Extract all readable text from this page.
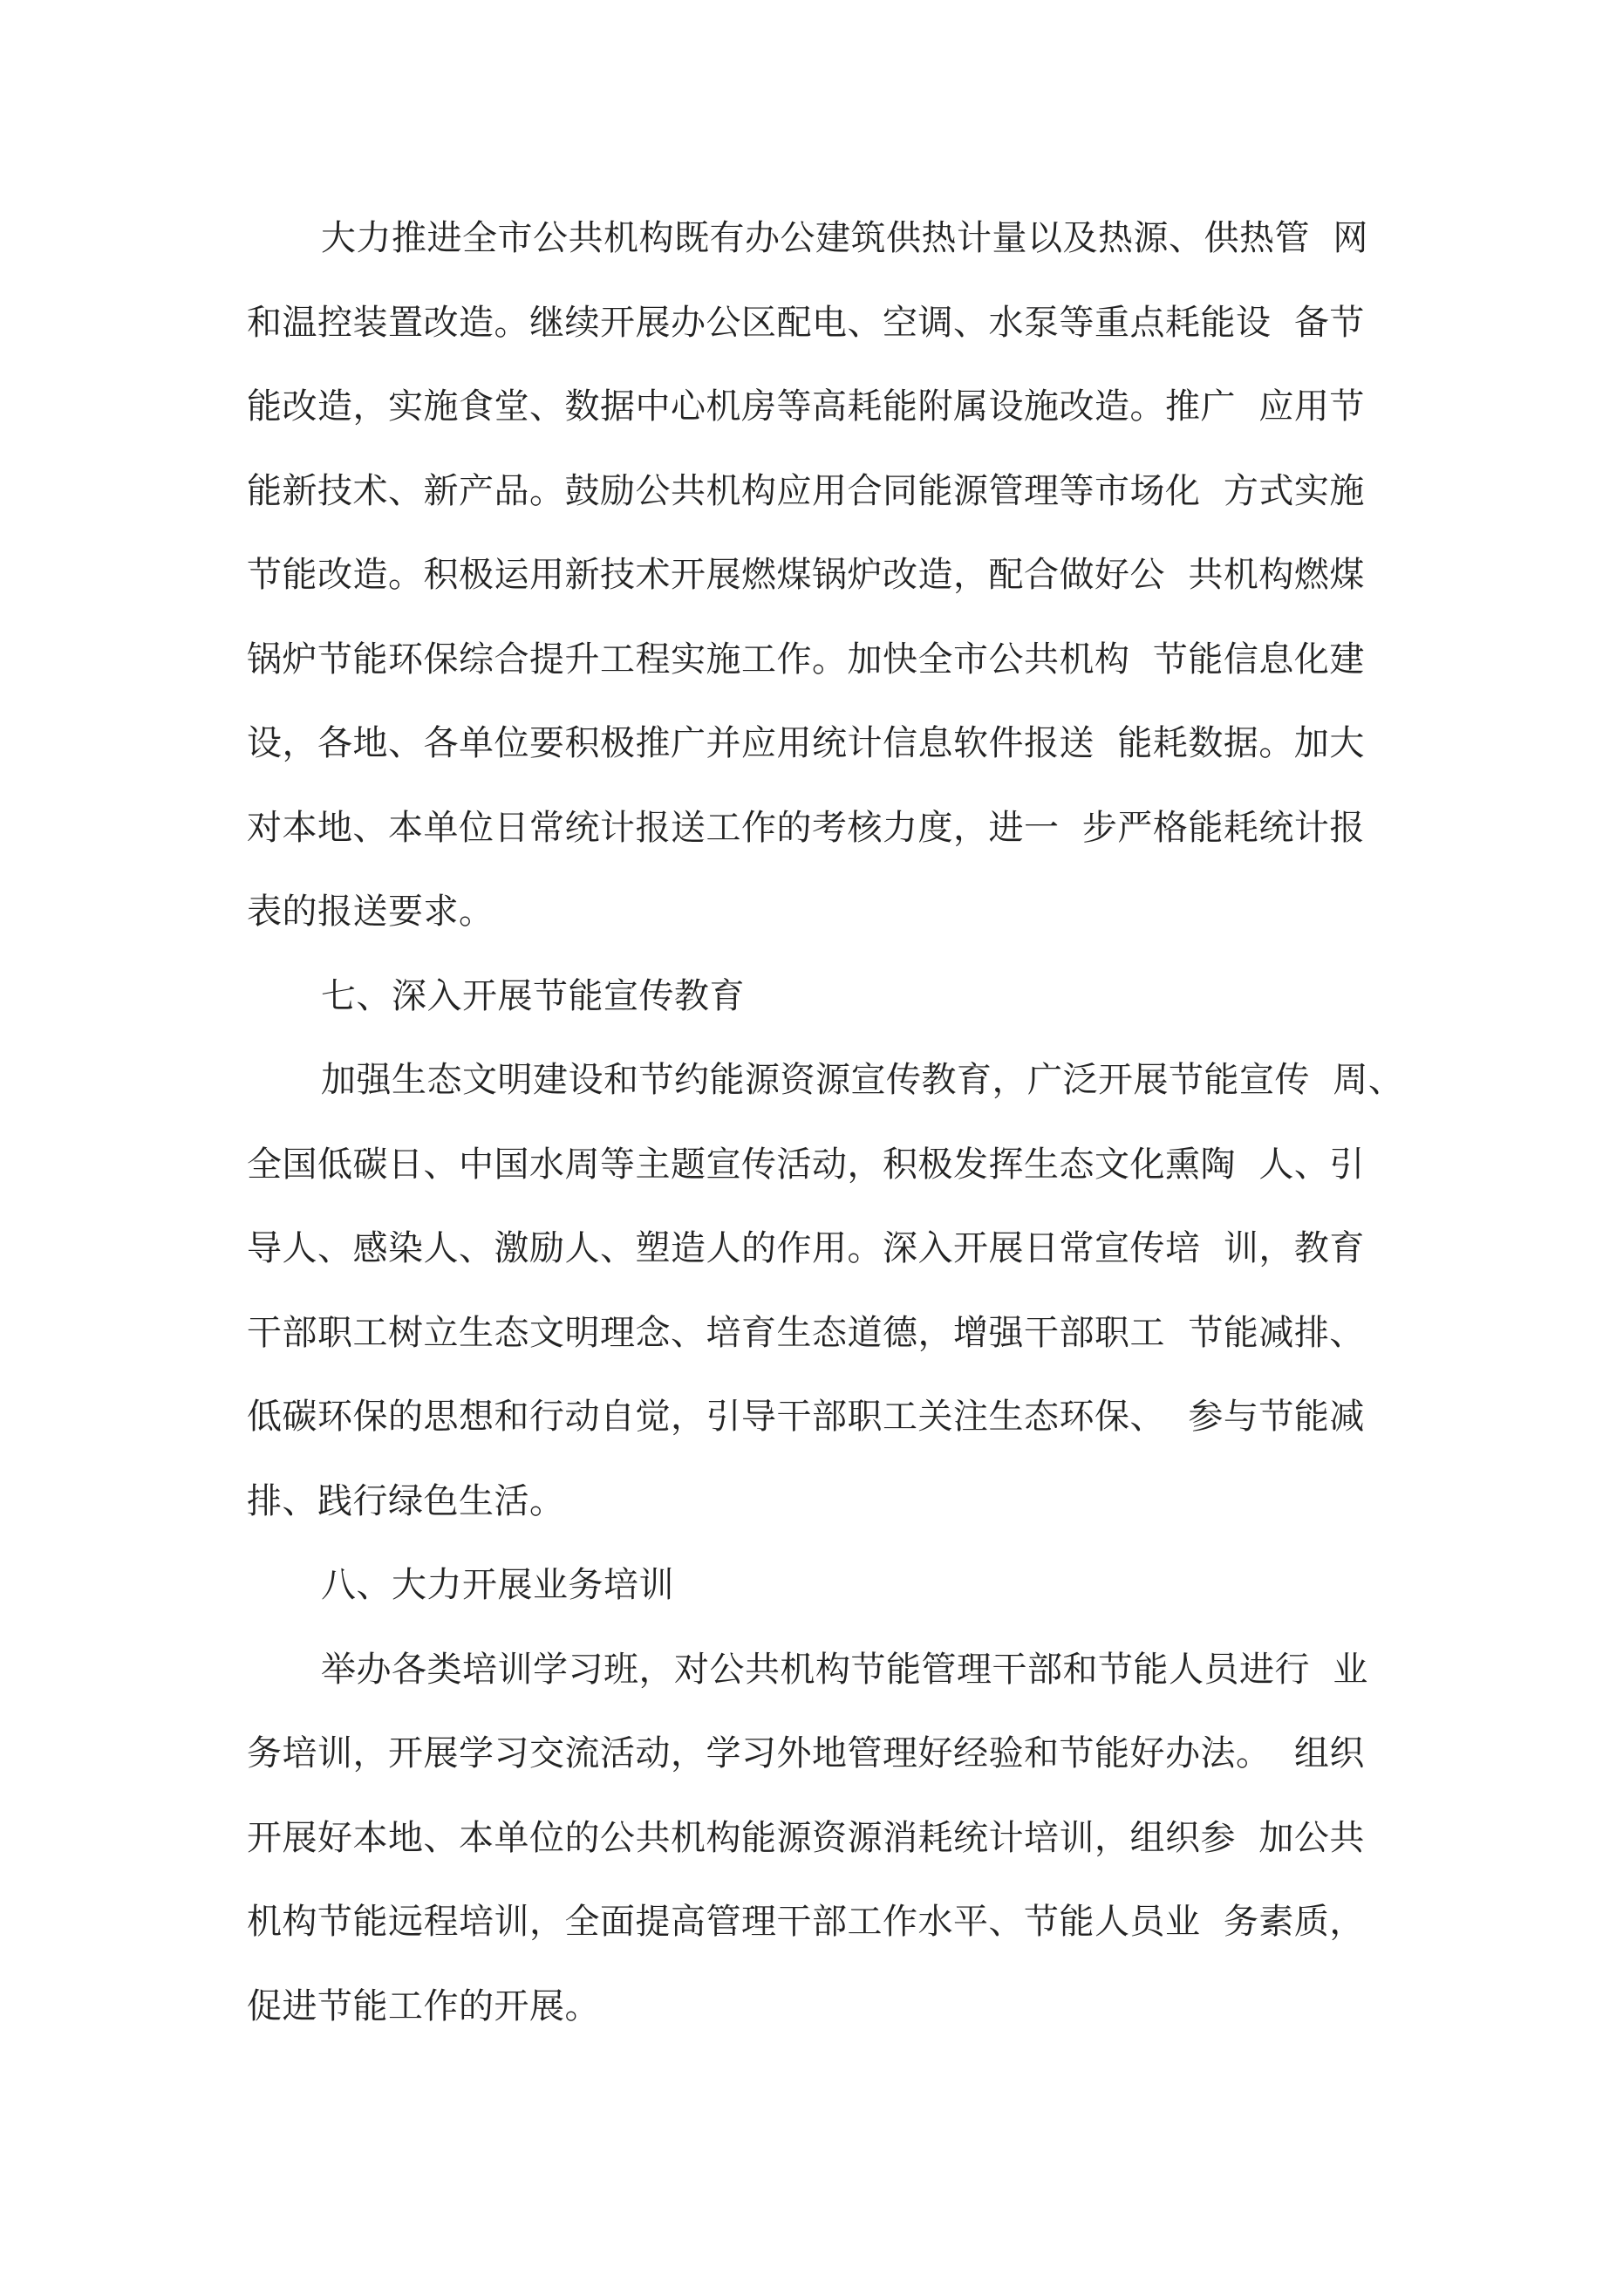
大力推进全市公共机构既有办公建筑供热计量以及热源、供热管  网
和温控装置改造。继续开展办公区配电、空调、水泵等重点耗能设  备节
能改造，实施食堂、数据中心机房等高耗能附属设施改造。推广  应用节
能新技术、新产品。鼓励公共机构应用合同能源管理等市场化  方式实施
节能改造。积极运用新技术开展燃煤锅炉改造，配合做好公  共机构燃煤
锅炉节能环保综合提升工程实施工作。加快全市公共机构  节能信息化建
设，各地、各单位要积极推广并应用统计信息软件报送  能耗数据。加大
对本地、本单位日常统计报送工作的考核力度，进一  步严格能耗统计报
表的报送要求。
七、深入开展节能宣传教育
加强生态文明建设和节约能源资源宣传教育，广泛开展节能宣传  周、
全国低碳日、中国水周等主题宣传活动，积极发挥生态文化熏陶  人、引
导人、感染人、激励人、塑造人的作用。深入开展日常宣传培  训，教育
干部职工树立生态文明理念、培育生态道德，增强干部职工  节能减排、
低碳环保的思想和行动自觉，引导干部职工关注生态环保、  参与节能减
排、践行绿色生活。
八、大力开展业务培训
举办各类培训学习班，对公共机构节能管理干部和节能人员进行  业
务培训，开展学习交流活动，学习外地管理好经验和节能好办法。  组织
开展好本地、本单位的公共机构能源资源消耗统计培训，组织参  加公共
机构节能远程培训，全面提高管理干部工作水平、节能人员业  务素质，
促进节能工作的开展。
